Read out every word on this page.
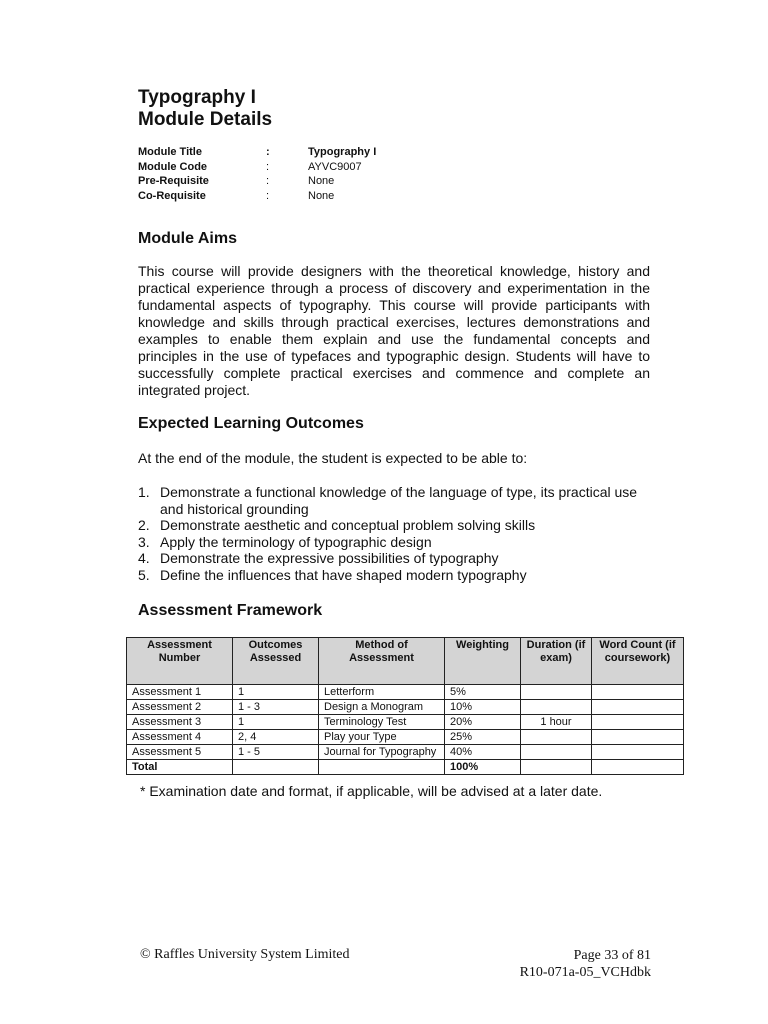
Typography I
Module Details
Module Title	:	Typography I
Module Code	:	AYVC9007
Pre-Requisite	:	None
Co-Requisite	:	None
Module Aims

This course will provide designers with the theoretical knowledge, history and practical experience through a process of discovery and experimentation in the fundamental aspects of typography. This course will provide participants with knowledge and skills through practical exercises, lectures demonstrations and examples to enable them explain and use the fundamental concepts and principles in the use of typefaces and typographic design. Students will have to successfully complete practical exercises and commence and complete an integrated project.

Expected Learning Outcomes

At the end of the module, the student is expected to be able to:

1. Demonstrate a functional knowledge of the language of type, its practical use and historical grounding
2. Demonstrate aesthetic and conceptual problem solving skills
3. Apply the terminology of typographic design
4. Demonstrate the expressive possibilities of typography
5. Define the influences that have shaped modern typography
Assessment Framework
Assessment Number	Outcomes Assessed	Method of Assessment	Weighting	Duration (if exam)	Word Count (if coursework)
Assessment 1	1	Letterform	5%		
Assessment 2	1 - 3	Design a Monogram	10%		
Assessment 3	1	Terminology Test	20%	1 hour	
Assessment 4	2, 4	Play your Type	25%		
Assessment 5	1 - 5	Journal for Typography	40%		
Total			100%		
* Examination date and format, if applicable, will be advised at a later date.
© Raffles University System Limited	Page 33 of 81
R10-071a-05_VCHdbk
